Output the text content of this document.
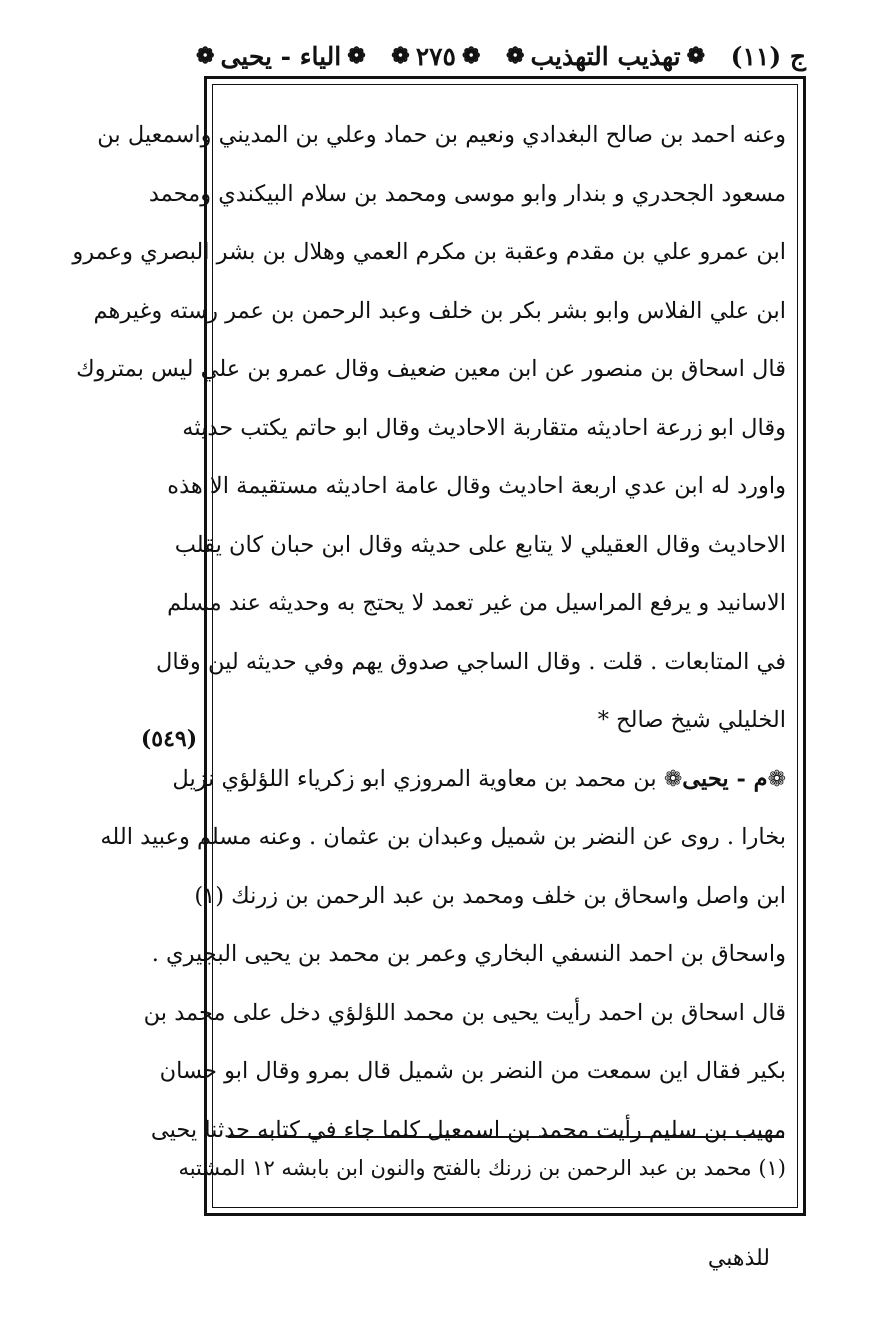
ج (١١)
❁
تهذيب التهذيب
❁
❁
٢٧٥
❁
❁
الياء - يحيى
❁
(٥٤٩)
وعنه احمد بن صالح البغدادي ونعيم بن حماد وعلي بن المديني واسمعيل بن
مسعود الجحدري و بندار وابو موسى ومحمد بن سلام البيكندي ومحمد
ابن عمرو علي بن مقدم وعقبة بن مكرم العمي وهلال بن بشر البصري وعمرو
ابن علي الفلاس وابو بشر بكر بن خلف وعبد الرحمن بن عمر رسته وغيرهم
قال اسحاق بن منصور عن ابن معين ضعيف وقال عمرو بن علي ليس بمتروك
وقال ابو زرعة احاديثه متقاربة الاحاديث وقال ابو حاتم يكتب حديثه
واورد له ابن عدي اربعة احاديث وقال عامة احاديثه مستقيمة الا هذه
الاحاديث وقال العقيلي لا يتابع على حديثه وقال ابن حبان كان يقلب
الاسانيد و يرفع المراسيل من غير تعمد لا يحتج به وحديثه عند مسلم
في المتابعات . قلت . وقال الساجي صدوق يهم وفي حديثه لين وقال
الخليلي شيخ صالح *
❁م - يحيى❁ بن محمد بن معاوية المروزي ابو زكرياء اللؤلؤي نزيل
بخارا . روى عن النضر بن شميل وعبدان بن عثمان . وعنه مسلم وعبيد الله
ابن واصل واسحاق بن خلف ومحمد بن عبد الرحمن بن زرنك (١)
واسحاق بن احمد النسفي البخاري وعمر بن محمد بن يحيى البجيري .
قال اسحاق بن احمد رأيت يحيى بن محمد اللؤلؤي دخل على محمد بن
بكير فقال اين سمعت من النضر بن شميل قال بمرو وقال ابو حسان
مهيب بن سليم رأيت محمد بن اسمعيل كلما جاء في كتابه حدثنا يحيى
(١) محمد بن عبد الرحمن بن زرنك بالفتح والنون ابن بابشه ١٢ المشتبه
للذهبي
